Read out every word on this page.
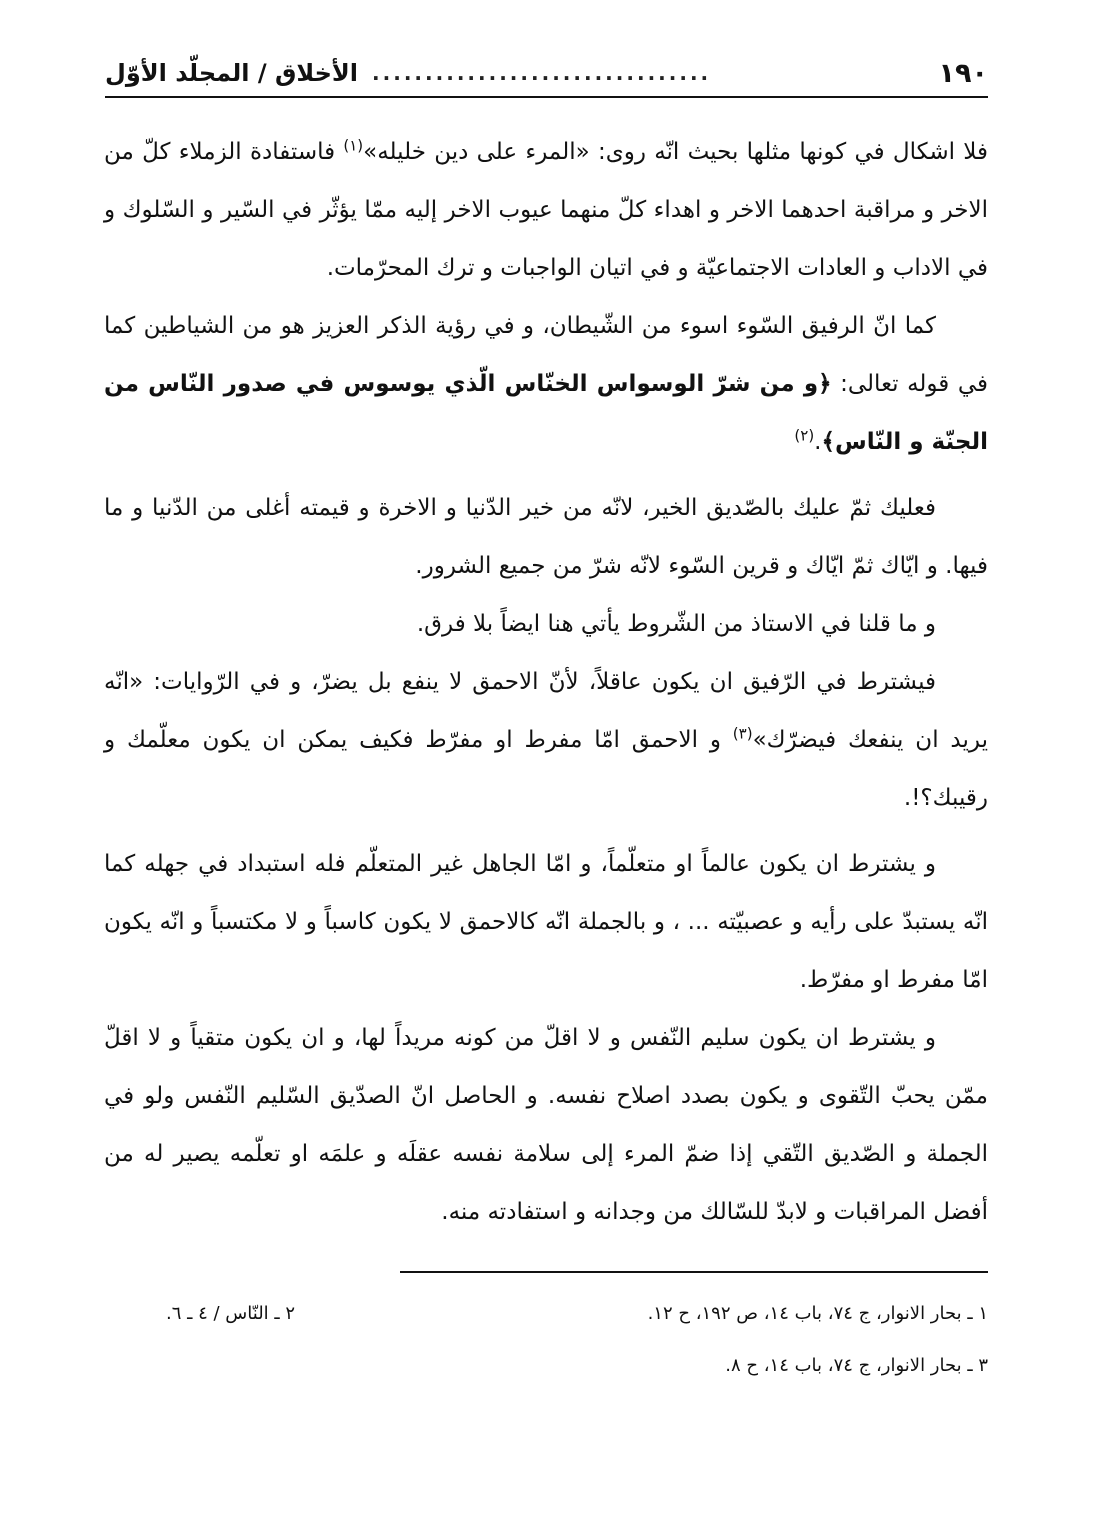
١٩٠
................................
الأخلاق / المجلّد الأوّل

فلا اشكال في كونها مثلها بحيث انّه روى: «المرء على دين خليله»$^{(١)}$ فاستفادة الزملاء كلّ من الاخر و مراقبة احدهما الاخر و اهداء كلّ منهما عيوب الاخر إليه ممّا يؤثّر في السّير و السّلوك و في الاداب و العادات الاجتماعيّة و في اتيان الواجبات و ترك المحرّمات.

كما انّ الرفيق السّوء اسوء من الشّيطان، و في رؤية الذكر العزيز هو من الشياطين كما في قوله تعالى: ﴿و من شرّ الوسواس الخنّاس الّذي يوسوس في صدور النّاس من الجنّة و النّاس﴾.$^{(٢)}$

فعليك ثمّ عليك بالصّديق الخير، لانّه من خير الدّنيا و الاخرة و قيمته أغلى من الدّنيا و ما فيها. و ايّاك ثمّ ايّاك و قرين السّوء لانّه شرّ من جميع الشرور.

و ما قلنا في الاستاذ من الشّروط يأتي هنا ايضاً بلا فرق.

فيشترط في الرّفيق ان يكون عاقلاً، لأنّ الاحمق لا ينفع بل يضرّ، و في الرّوايات: «انّه يريد ان ينفعك فيضرّك»$^{(٣)}$ و الاحمق امّا مفرط او مفرّط فكيف يمكن ان يكون معلّمك و رقيبك؟!.

و يشترط ان يكون عالماً او متعلّماً، و امّا الجاهل غير المتعلّم فله استبداد في جهله كما انّه يستبدّ على رأيه و عصبيّته ... ، و بالجملة انّه كالاحمق لا يكون كاسباً و لا مكتسباً و انّه يكون امّا مفرط او مفرّط.

و يشترط ان يكون سليم النّفس و لا اقلّ من كونه مريداً لها، و ان يكون متقياً و لا اقلّ ممّن يحبّ التّقوى و يكون بصدد اصلاح نفسه. و الحاصل انّ الصدّيق السّليم النّفس ولو في الجملة و الصّديق التّقي إذا ضمّ المرء إلى سلامة نفسه عقلَه و علمَه او تعلّمه يصير له من أفضل المراقبات و لابدّ للسّالك من وجدانه و استفادته منه.

١ ـ بحار الانوار، ج ٧٤، باب ١٤، ص ١٩٢، ح ١٢.
٢ ـ النّاس / ٤ ـ ٦.
٣ ـ بحار الانوار، ج ٧٤، باب ١٤، ح ٨.
